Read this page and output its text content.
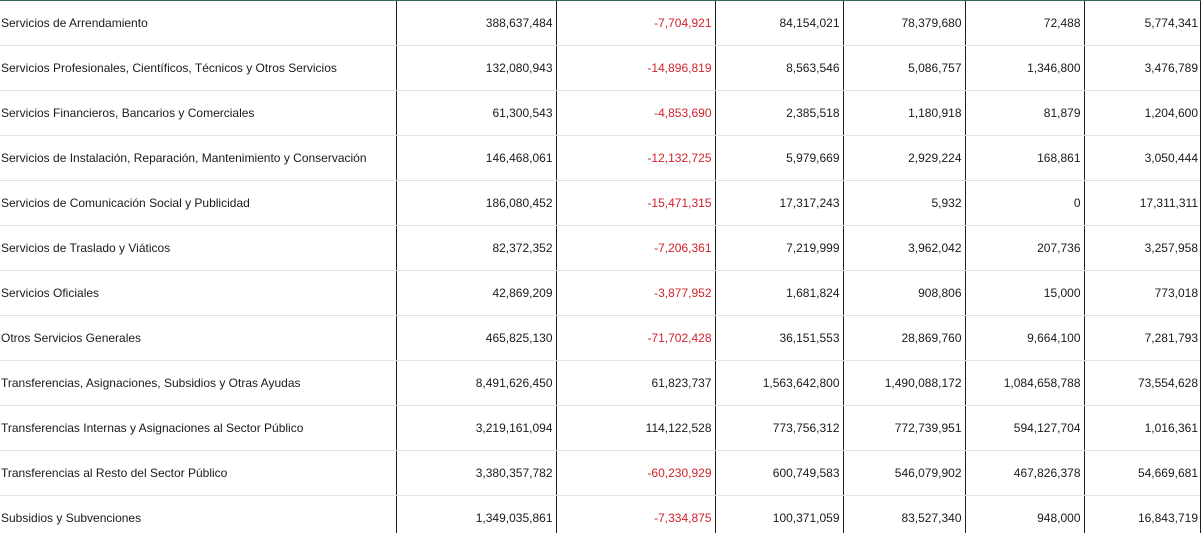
Servicios de Arrendamiento	388,637,484	-7,704,921	84,154,021	78,379,680	72,488	5,774,341
Servicios Profesionales, Científicos, Técnicos y Otros Servicios	132,080,943	-14,896,819	8,563,546	5,086,757	1,346,800	3,476,789
Servicios Financieros, Bancarios y Comerciales	61,300,543	-4,853,690	2,385,518	1,180,918	81,879	1,204,600
Servicios de Instalación, Reparación, Mantenimiento y Conservación	146,468,061	-12,132,725	5,979,669	2,929,224	168,861	3,050,444
Servicios de Comunicación Social y Publicidad	186,080,452	-15,471,315	17,317,243	5,932	0	17,311,311
Servicios de Traslado y Viáticos	82,372,352	-7,206,361	7,219,999	3,962,042	207,736	3,257,958
Servicios Oficiales	42,869,209	-3,877,952	1,681,824	908,806	15,000	773,018
Otros Servicios Generales	465,825,130	-71,702,428	36,151,553	28,869,760	9,664,100	7,281,793
Transferencias, Asignaciones, Subsidios y Otras Ayudas	8,491,626,450	61,823,737	1,563,642,800	1,490,088,172	1,084,658,788	73,554,628
Transferencias Internas y Asignaciones al Sector Público	3,219,161,094	114,122,528	773,756,312	772,739,951	594,127,704	1,016,361
Transferencias al Resto del Sector Público	3,380,357,782	-60,230,929	600,749,583	546,079,902	467,826,378	54,669,681
Subsidios y Subvenciones	1,349,035,861	-7,334,875	100,371,059	83,527,340	948,000	16,843,719
